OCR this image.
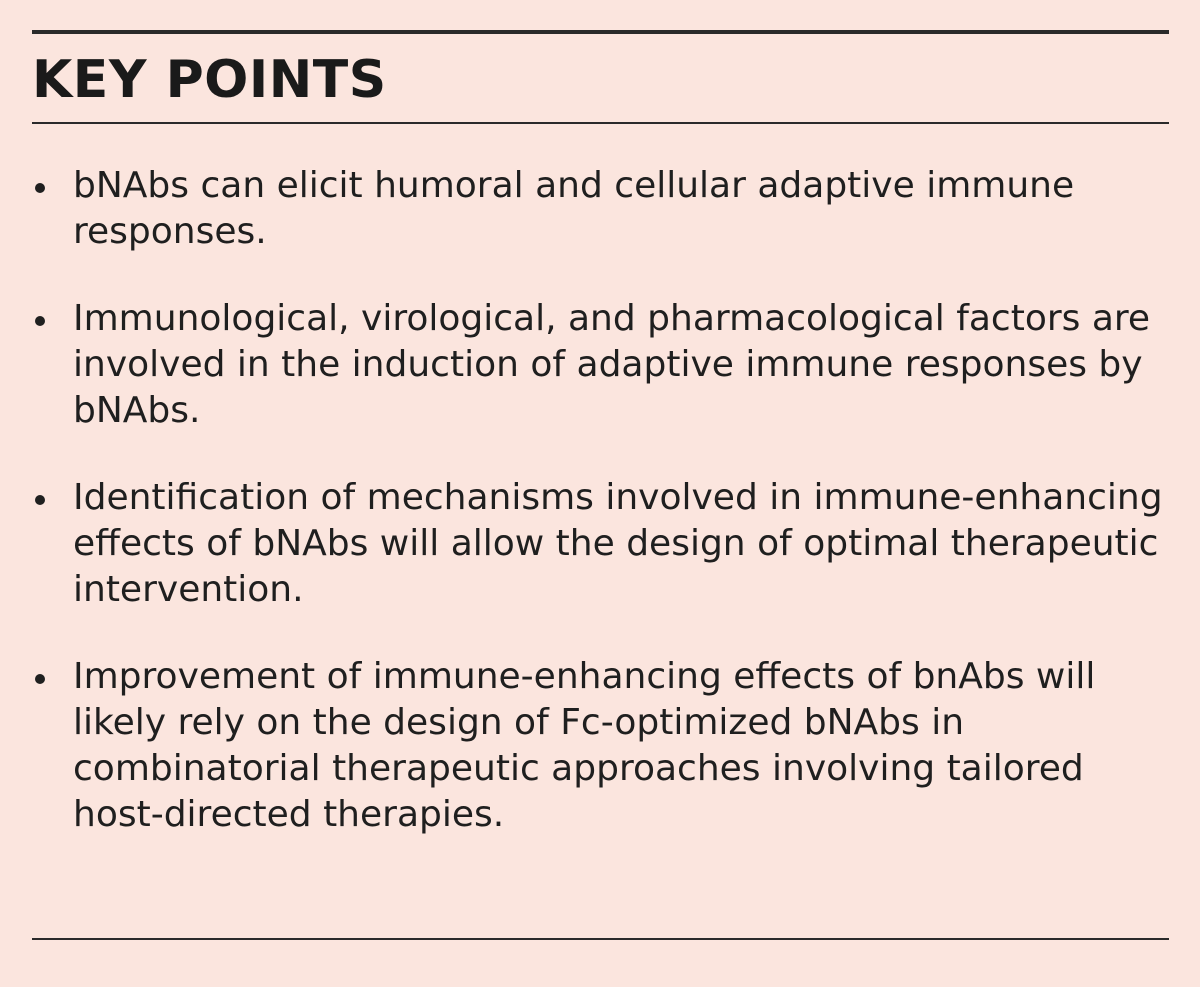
KEY POINTS
bNAbs can elicit humoral and cellular adaptive immune responses.
Immunological, virological, and pharmacological factors are involved in the induction of adaptive immune responses by bNAbs.
Identification of mechanisms involved in immune-enhancing effects of bNAbs will allow the design of optimal therapeutic intervention.
Improvement of immune-enhancing effects of bnAbs will likely rely on the design of Fc-optimized bNAbs in combinatorial therapeutic approaches involving tailored host-directed therapies.
